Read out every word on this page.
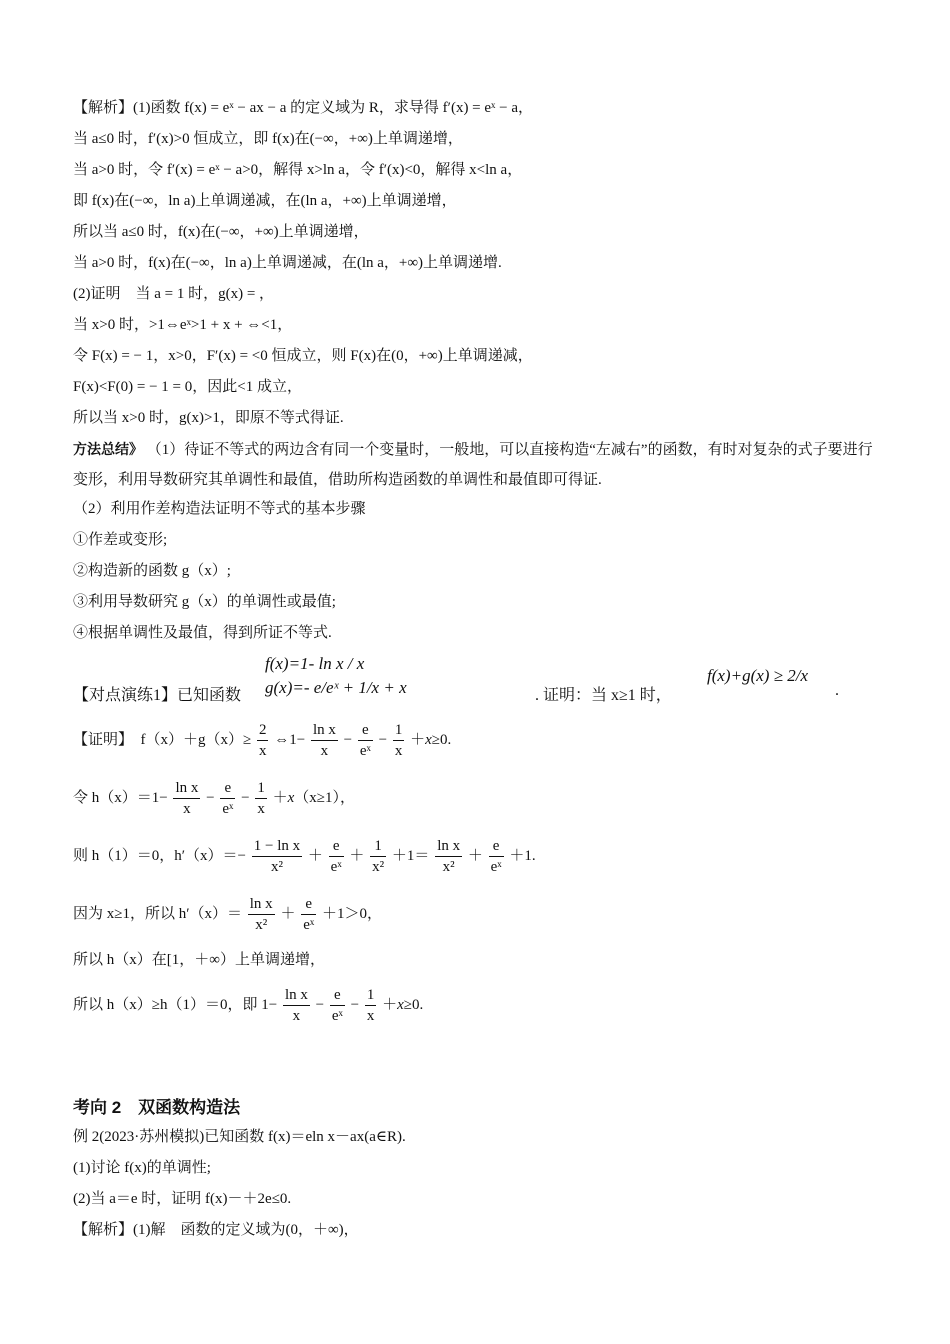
【解析】(1)函数 f(x) = eˣ − ax − a 的定义域为 R，求导得 f′(x) = eˣ − a，
当 a≤0 时，f′(x)>0 恒成立，即 f(x)在(−∞，+∞)上单调递增，
当 a>0 时，令 f′(x) = eˣ − a>0，解得 x>ln a，令 f′(x)<0，解得 x<ln a，
即 f(x)在(−∞，ln a)上单调递减，在(ln a，+∞)上单调递增，
所以当 a≤0 时，f(x)在(−∞，+∞)上单调递增，
当 a>0 时，f(x)在(−∞，ln a)上单调递减，在(ln a，+∞)上单调递增.
(2)证明　当 a = 1 时，g(x) = ，
当 x>0 时，>1⇔eˣ>1 + x + ⇔<1，
令 F(x) = − 1，x>0，F′(x) = <0 恒成立，则 F(x)在(0，+∞)上单调递减，
F(x)<F(0) = − 1 = 0，因此<1 成立，
所以当 x>0 时，g(x)>1，即原不等式得证.
方法总结》 （1）待证不等式的两边含有同一个变量时，一般地，可以直接构造“左减右”的函数，有时对复杂的式子要进行变形，利用导数研究其单调性和最值，借助所构造函数的单调性和最值即可得证.
（2）利用作差构造法证明不等式的基本步骤
①作差或变形;
②构造新的函数 g（x）;
③利用导数研究 g（x）的单调性或最值;
④根据单调性及最值，得到所证不等式.
【对点演练1】已知函数
f(x)=1- ln x / x
g(x)=- e/eˣ + 1/x + x	. 证明：当 x≥1 时，
f(x)+g(x) ≥ 2/x
.
【证明】　$f(x)+g(x)\ge \frac{2}{x}$ ⇔1− $\frac{\text{ln x}}{x} - \frac{e}{\text{eˣ}} - \frac{1}{x} +x\ge 0$.
令 $h(x)=1- \frac{\text{ln x}}{x} - \frac{e}{\text{eˣ}} - \frac{1}{x} +x(x\ge 1)$，
则 h（1）＝0，$h'(x)=- \frac{\text{1 − ln x}}{\text{x²}} + \frac{e}{\text{eˣ}} + \frac{1}{\text{x²}} +1= \frac{\text{ln x}}{\text{x²}} + \frac{e}{\text{eˣ}} +1$.
因为 x≥1，所以 $h'(x)= \frac{\text{ln x}}{\text{x²}} + \frac{e}{\text{eˣ}} +1>0$，
所以 h（x）在[1，＋∞）上单调递增，
所以 h（x）≥h（1）＝0，即 $1- \frac{\text{ln x}}{x} - \frac{e}{\text{eˣ}} - \frac{1}{x} +x\ge 0$.
考向 2　双函数构造法
例 2(2023·苏州模拟)已知函数 f(x)＝eln x－ax(a∈R).
(1)讨论 f(x)的单调性;
(2)当 a＝e 时，证明 f(x)－＋2e≤0.
【解析】(1)解　函数的定义域为(0，＋∞)，
